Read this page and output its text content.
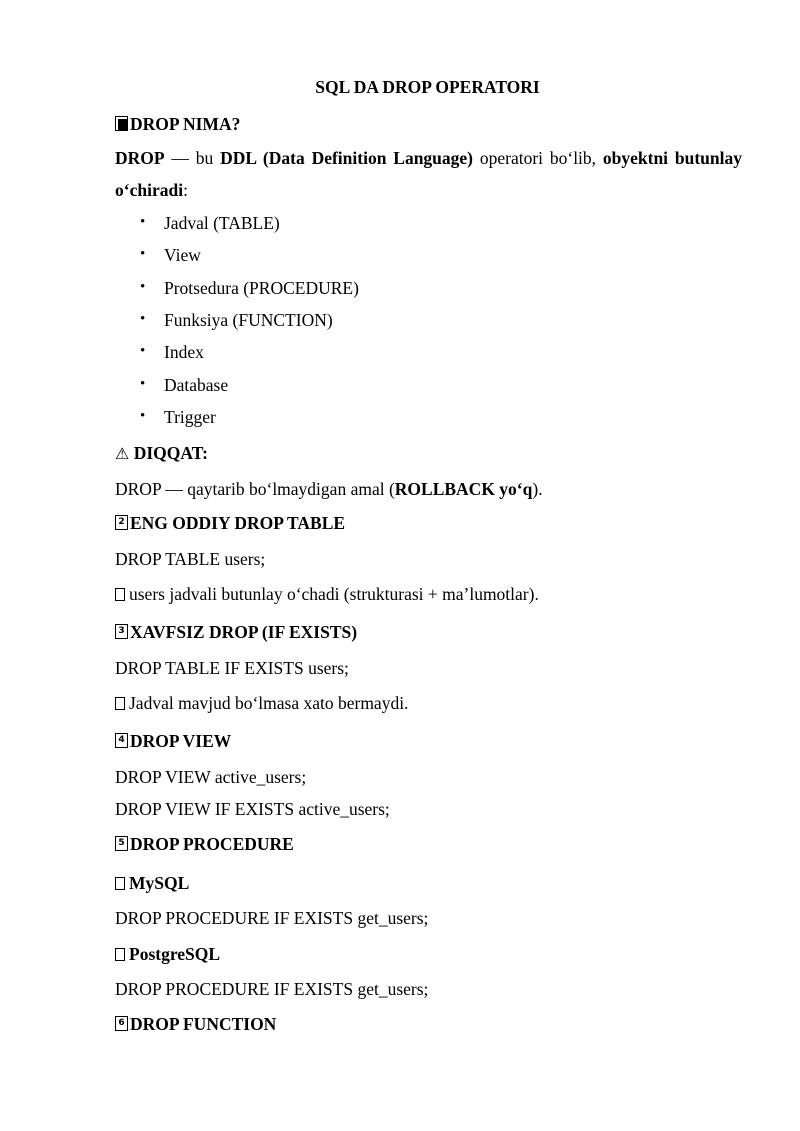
SQL DA DROP OPERATORI
DROP NIMA?
DROP — bu DDL (Data Definition Language) operatori bo‘lib, obyektni butunlay o‘chiradi:
• Jadval (TABLE)
• View
• Protsedura (PROCEDURE)
• Funksiya (FUNCTION)
• Index
• Database
• Trigger
⚠ DIQQAT:
DROP — qaytarib bo‘lmaydigan amal (ROLLBACK yo‘q).
2 ENG ODDIY DROP TABLE
DROP TABLE users;
users jadvali butunlay o‘chadi (strukturasi + ma’lumotlar).
3 XAVFSIZ DROP (IF EXISTS)
DROP TABLE IF EXISTS users;
Jadval mavjud bo‘lmasa xato bermaydi.
4 DROP VIEW
DROP VIEW active_users;
DROP VIEW IF EXISTS active_users;
5 DROP PROCEDURE
MySQL
DROP PROCEDURE IF EXISTS get_users;
PostgreSQL
DROP PROCEDURE IF EXISTS get_users;
6 DROP FUNCTION
